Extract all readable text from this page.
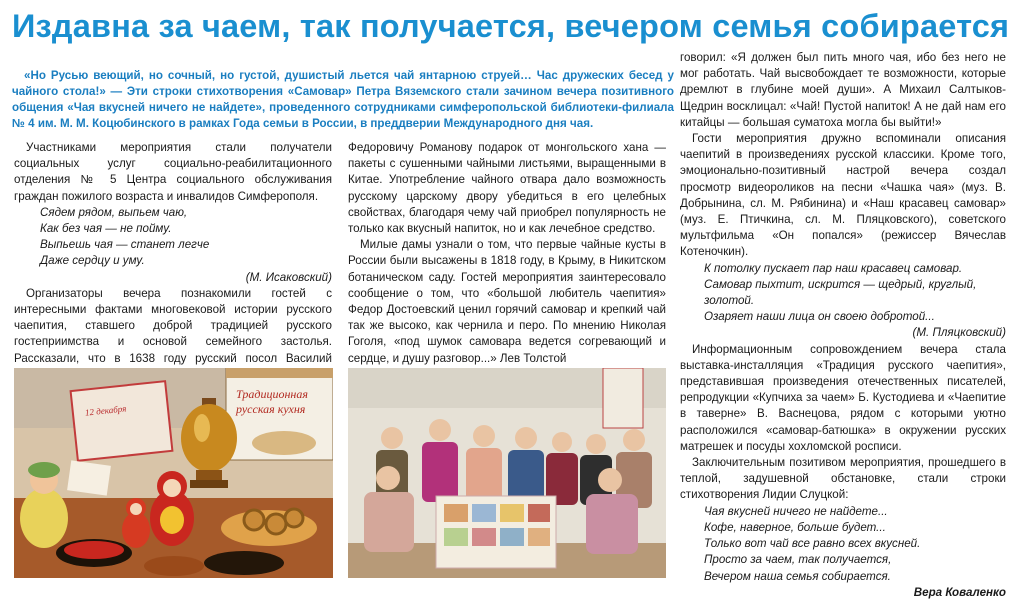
Издавна за чаем, так получается, вечером семья собирается

«Но Русью веющий, но сочный, но густой, душистый льется чай янтарною струей… Час дружеских бесед у чайного стола!» — Эти строки стихотворения «Самовар» Петра Вяземского стали зачином вечера позитивного общения «Чая вкусней ничего не найдете», проведенного сотрудниками симферопольской библиотеки-филиала № 4 им. М. М. Коцюбинского в рамках Года семьи в России, в преддверии Международного дня чая.

Участниками мероприятия стали получатели социальных услуг социально-реабилитационного отделения № 5 Центра социального обслуживания граждан пожилого возраста и инвалидов Симферополя.

Сядем рядом, выпьем чаю,
Как без чая — не пойму.
Выпьешь чая — станет легче
Даже сердцу и уму.

(М. Исаковский)

Организаторы вечера познакомили гостей с интересными фактами многовековой истории русского чаепития, ставшего доброй традицией русского гостеприимства и основой семейного застолья. Рассказали, что в 1638 году русский посол Василий

Федоровичу Романову подарок от монгольского хана — пакеты с сушенными чайными листьями, выращенными в Китае. Употребление чайного отвара дало возможность русскому царскому двору убедиться в его целебных свойствах, благодаря чему чай приобрел популярность не только как вкусный напиток, но и как лечебное средство.

Милые дамы узнали о том, что первые чайные кусты в России были высажены в 1818 году, в Крыму, в Никитском ботаническом саду. Гостей мероприятия заинтересовало сообщение о том, что «большой любитель чаепития» Федор Достоевский ценил горячий самовар и крепкий чай так же высоко, как чернила и перо. По мнению Николая Гоголя, «под шумок самовара ведется согревающий и сердце, и душу разговор...» Лев Толстой

говорил: «Я должен был пить много чая, ибо без него не мог работать. Чай высвобождает те возможности, которые дремлют в глубине моей души». А Михаил Салтыков-Щедрин восклицал: «Чай! Пустой напиток! А не дай нам его китайцы — большая суматоха могла бы выйти!»

Гости мероприятия дружно вспоминали описания чаепитий в произведениях русской классики. Кроме того, эмоционально-позитивный настрой вечера создал просмотр видеороликов на песни «Чашка чая» (муз. В. Добрынина, сл. М. Рябинина) и «Наш красавец самовар» (муз. Е. Птичкина, сл. М. Пляцковского), советского мультфильма «Он попался» (режиссер Вячеслав Котеночкин).

К потолку пускает пар наш красавец самовар.
Самовар пыхтит, искрится — щедрый, круглый, золотой.
Озаряет наши лица он своею добротой...

(М. Пляцковский)

Информационным сопровождением вечера стала выставка-инсталляция «Традиция русского чаепития», представившая произведения отечественных писателей, репродукции «Купчиха за чаем» Б. Кустодиева и «Чаепитие в таверне» В. Васнецова, рядом с которыми уютно расположился «самовар-батюшка» в окружении русских матрешек и посуды хохломской росписи.

Заключительным позитивом мероприятия, прошедшего в теплой, задушевной обстановке, стали строки стихотворения Лидии Слуцкой:

Чая вкусней ничего не найдете...
Кофе, наверное, больше будет...
Только вот чай все равно всех вкусней.
Просто за чаем, так получается,
Вечером наша семья собирается.

Вера Коваленко

12 декабря
Традиционная
русская кухня
